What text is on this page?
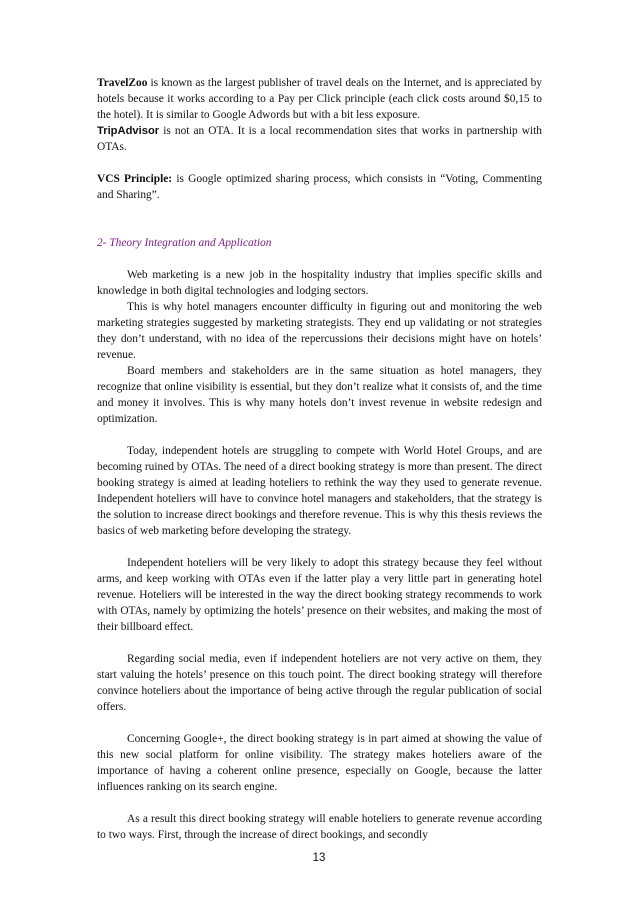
TravelZoo is known as the largest publisher of travel deals on the Internet, and is appreciated by hotels because it works according to a Pay per Click principle (each click costs around $0,15 to the hotel). It is similar to Google Adwords but with a bit less exposure.

TripAdvisor is not an OTA. It is a local recommendation sites that works in partnership with OTAs.

VCS Principle: is Google optimized sharing process, which consists in “Voting, Commenting and Sharing”.

2- Theory Integration and Application

Web marketing is a new job in the hospitality industry that implies specific skills and knowledge in both digital technologies and lodging sectors.

This is why hotel managers encounter difficulty in figuring out and monitoring the web marketing strategies suggested by marketing strategists. They end up validating or not strategies they don’t understand, with no idea of the repercussions their decisions might have on hotels’ revenue.

Board members and stakeholders are in the same situation as hotel managers, they recognize that online visibility is essential, but they don’t realize what it consists of, and the time and money it involves. This is why many hotels don’t invest revenue in website redesign and optimization.

Today, independent hotels are struggling to compete with World Hotel Groups, and are becoming ruined by OTAs. The need of a direct booking strategy is more than present. The direct booking strategy is aimed at leading hoteliers to rethink the way they used to generate revenue. Independent hoteliers will have to convince hotel managers and stakeholders, that the strategy is the solution to increase direct bookings and therefore revenue. This is why this thesis reviews the basics of web marketing before developing the strategy.

Independent hoteliers will be very likely to adopt this strategy because they feel without arms, and keep working with OTAs even if the latter play a very little part in generating hotel revenue. Hoteliers will be interested in the way the direct booking strategy recommends to work with OTAs, namely by optimizing the hotels’ presence on their websites, and making the most of their billboard effect.

Regarding social media, even if independent hoteliers are not very active on them, they start valuing the hotels’ presence on this touch point. The direct booking strategy will therefore convince hoteliers about the importance of being active through the regular publication of social offers.

Concerning Google+, the direct booking strategy is in part aimed at showing the value of this new social platform for online visibility. The strategy makes hoteliers aware of the importance of having a coherent online presence, especially on Google, because the latter influences ranking on its search engine.

As a result this direct booking strategy will enable hoteliers to generate revenue according to two ways. First, through the increase of direct bookings, and secondly

13
